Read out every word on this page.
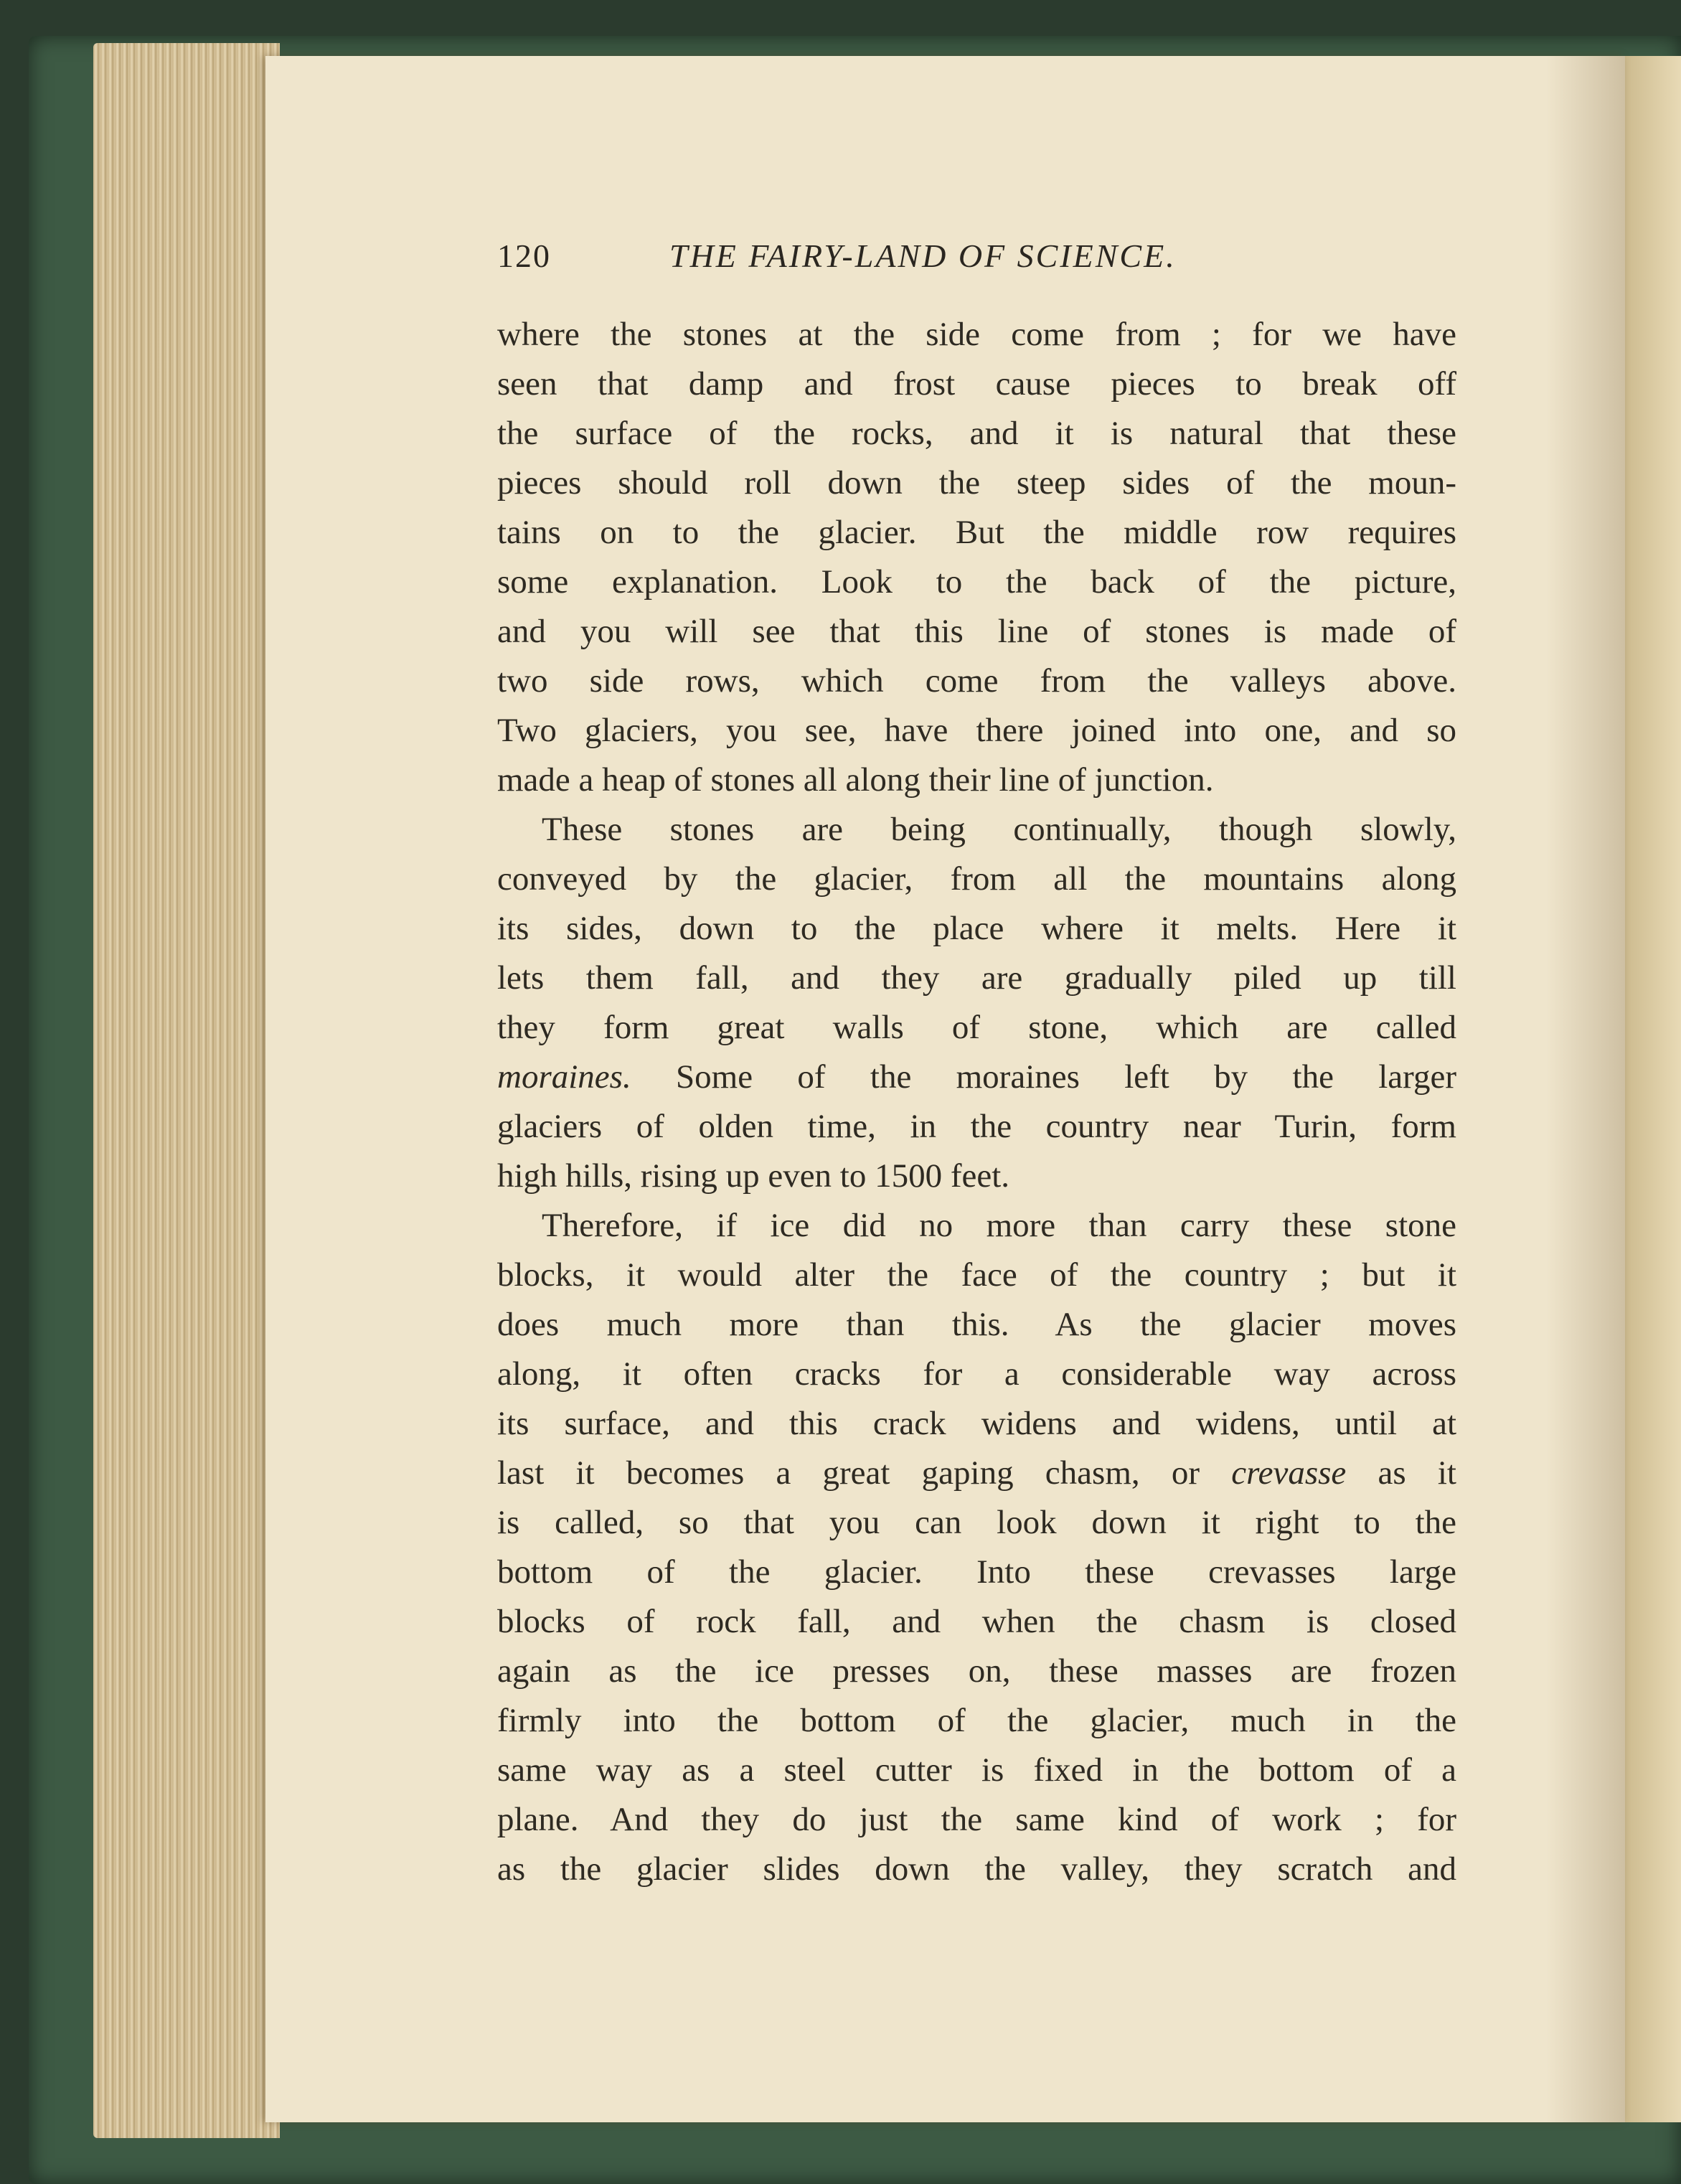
120	THE FAIRY-LAND OF SCIENCE.
where the stones at the side come from ; for we have
seen that damp and frost cause pieces to break off
the surface of the rocks, and it is natural that these
pieces should roll down the steep sides of the moun-
tains on to the glacier. But the middle row requires
some explanation. Look to the back of the picture,
and you will see that this line of stones is made of
two side rows, which come from the valleys above.
Two glaciers, you see, have there joined into one, and so
made a heap of stones all along their line of junction.
These stones are being continually, though slowly,
conveyed by the glacier, from all the mountains along
its sides, down to the place where it melts. Here it
lets them fall, and they are gradually piled up till
they form great walls of stone, which are called
moraines. Some of the moraines left by the larger
glaciers of olden time, in the country near Turin, form
high hills, rising up even to 1500 feet.
Therefore, if ice did no more than carry these stone
blocks, it would alter the face of the country ; but it
does much more than this. As the glacier moves
along, it often cracks for a considerable way across
its surface, and this crack widens and widens, until at
last it becomes a great gaping chasm, or crevasse as it
is called, so that you can look down it right to the
bottom of the glacier. Into these crevasses large
blocks of rock fall, and when the chasm is closed
again as the ice presses on, these masses are frozen
firmly into the bottom of the glacier, much in the
same way as a steel cutter is fixed in the bottom of a
plane. And they do just the same kind of work ; for
as the glacier slides down the valley, they scratch and
